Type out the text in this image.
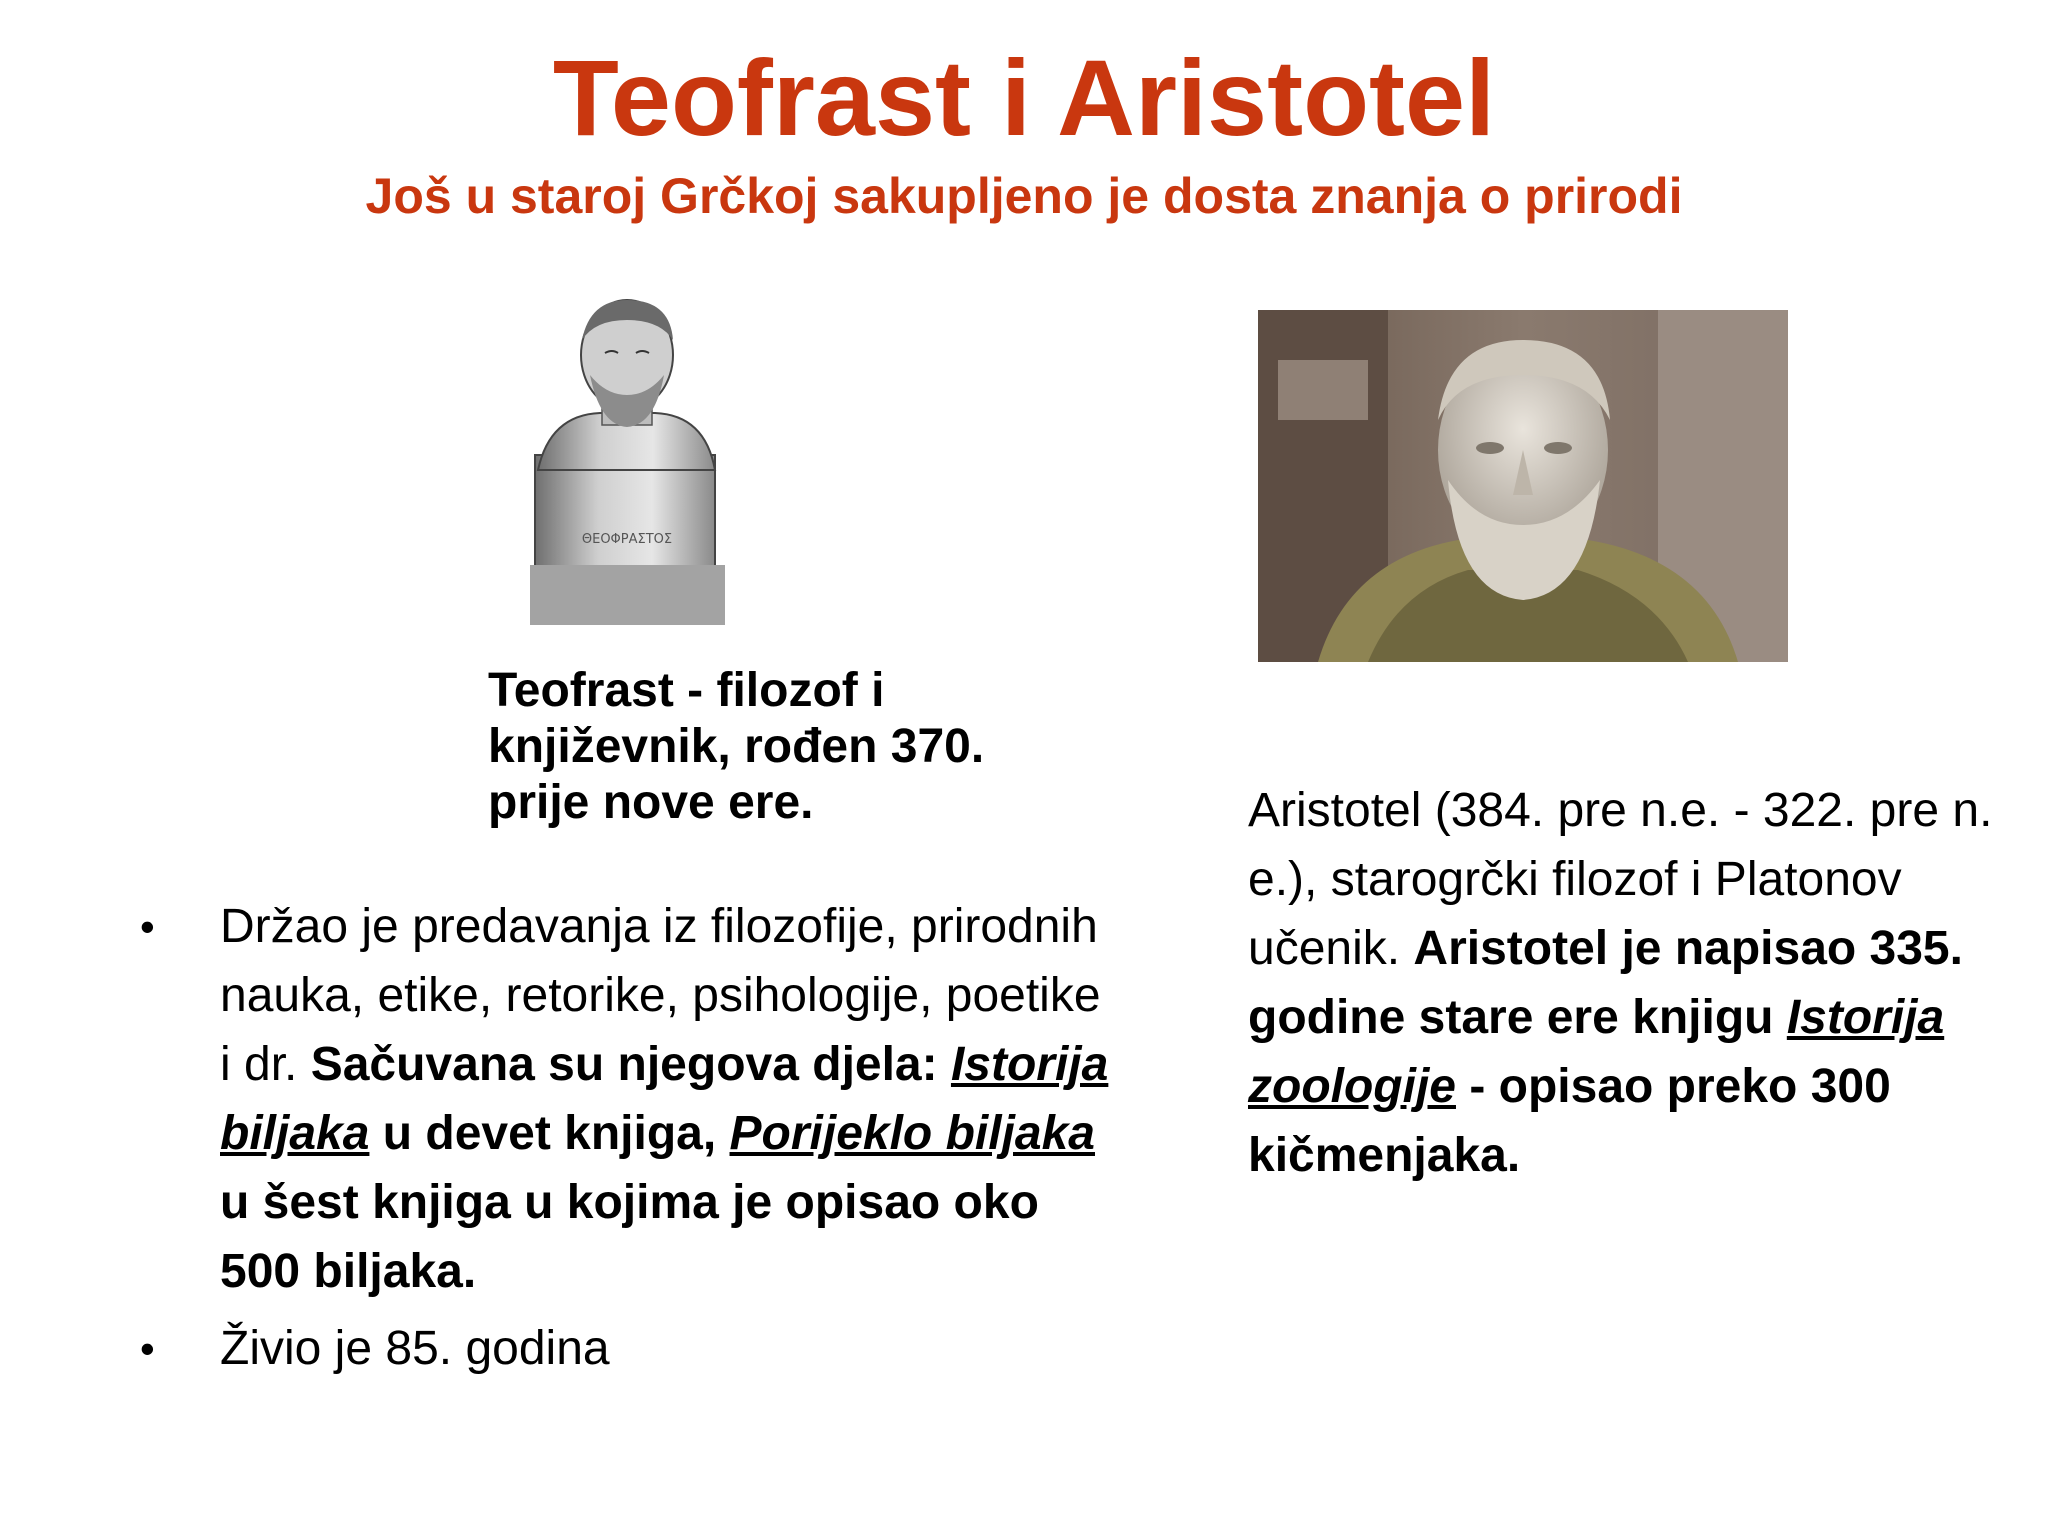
Teofrast i Aristotel
Još u staroj Grčkoj sakupljeno je dosta znanja o prirodi
ΘΕΟΦΡΑΣΤΟΣ
Teofrast - filozof i
književnik, rođen 370.
prije nove ere.
• Držao je predavanja iz filozofije, prirodnih nauka, etike, retorike, psihologije, poetike i dr. Sačuvana su njegova djela: Istorija biljaka u devet knjiga, Porijeklo biljaka u šest knjiga u kojima je opisao oko 500 biljaka.
• Živio je 85. godina

Aristotel (384. pre n.e. - 322. pre n. e.), starogrčki filozof i Platonov učenik. Aristotel je napisao 335. godine stare ere knjigu Istorija zoologije - opisao preko 300 kičmenjaka.
